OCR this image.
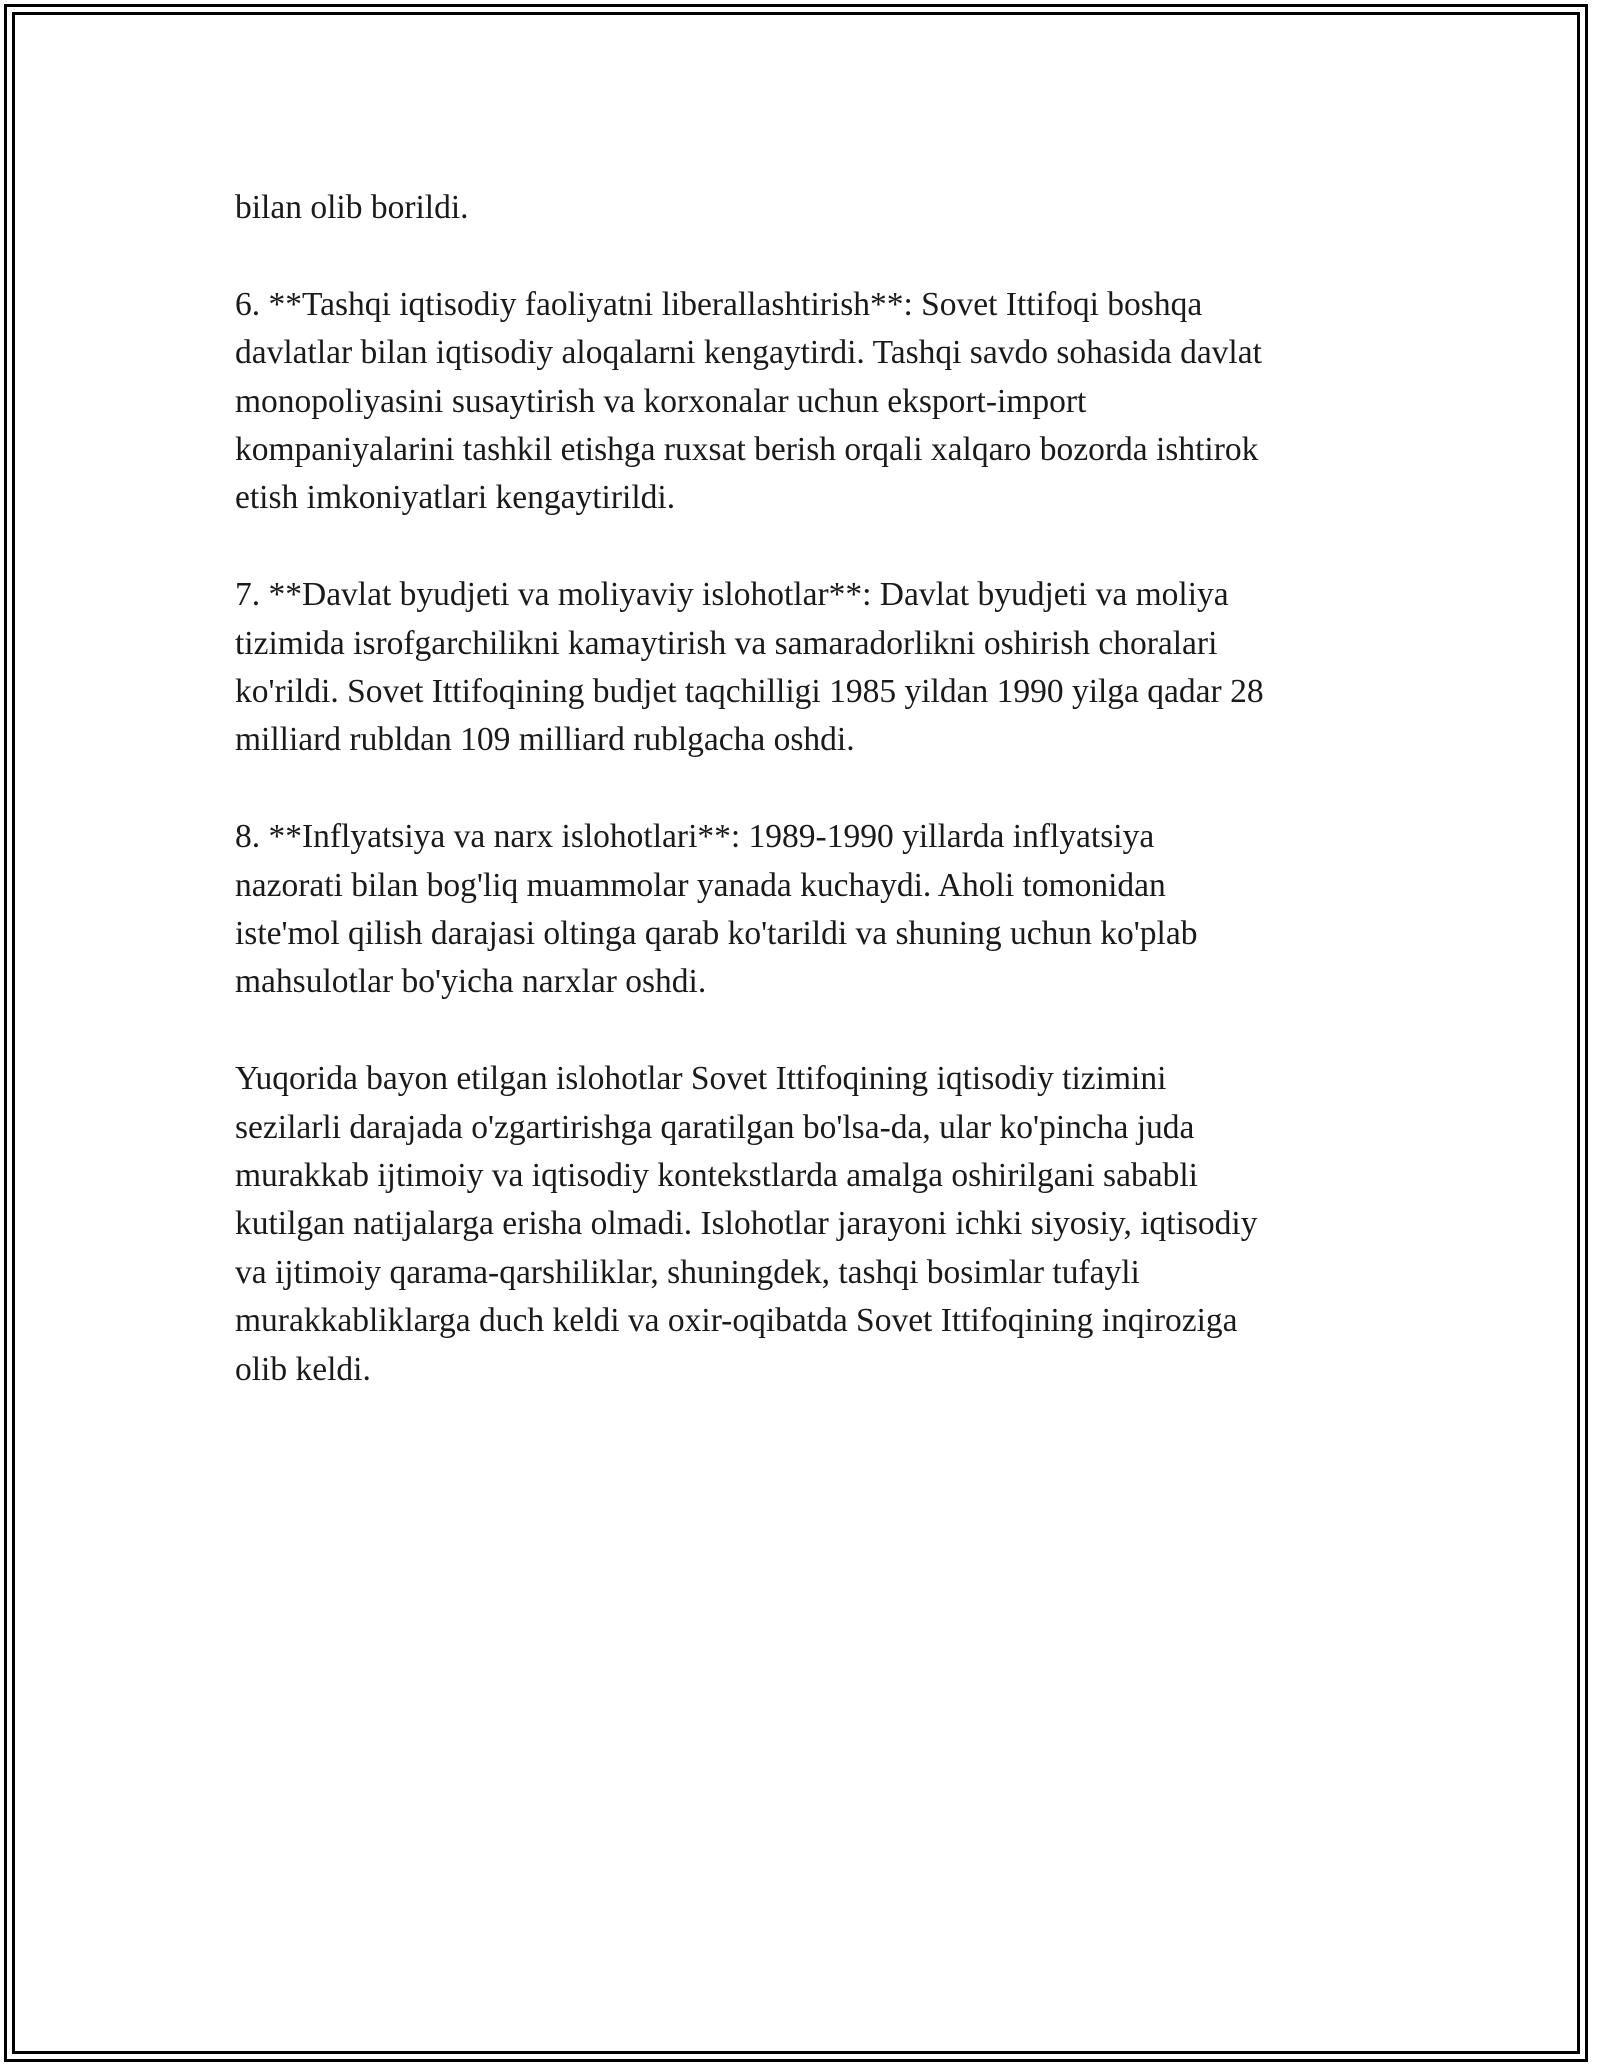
bilan olib borildi.

6. **Tashqi iqtisodiy faoliyatni liberallashtirish**: Sovet Ittifoqi boshqa
davlatlar bilan iqtisodiy aloqalarni kengaytirdi. Tashqi savdo sohasida davlat
monopoliyasini susaytirish va korxonalar uchun eksport-import
kompaniyalarini tashkil etishga ruxsat berish orqali xalqaro bozorda ishtirok
etish imkoniyatlari kengaytirildi.

7. **Davlat byudjeti va moliyaviy islohotlar**: Davlat byudjeti va moliya
tizimida isrofgarchilikni kamaytirish va samaradorlikni oshirish choralari
ko'rildi. Sovet Ittifoqining budjet taqchilligi 1985 yildan 1990 yilga qadar 28
milliard rubldan 109 milliard rublgacha oshdi.

8. **Inflyatsiya va narx islohotlari**: 1989-1990 yillarda inflyatsiya
nazorati bilan bog'liq muammolar yanada kuchaydi. Aholi tomonidan
iste'mol qilish darajasi oltinga qarab ko'tarildi va shuning uchun ko'plab
mahsulotlar bo'yicha narxlar oshdi.

Yuqorida bayon etilgan islohotlar Sovet Ittifoqining iqtisodiy tizimini
sezilarli darajada o'zgartirishga qaratilgan bo'lsa-da, ular ko'pincha juda
murakkab ijtimoiy va iqtisodiy kontekstlarda amalga oshirilgani sababli
kutilgan natijalarga erisha olmadi. Islohotlar jarayoni ichki siyosiy, iqtisodiy
va ijtimoiy qarama-qarshiliklar, shuningdek, tashqi bosimlar tufayli
murakkabliklarga duch keldi va oxir-oqibatda Sovet Ittifoqining inqiroziga
olib keldi.
